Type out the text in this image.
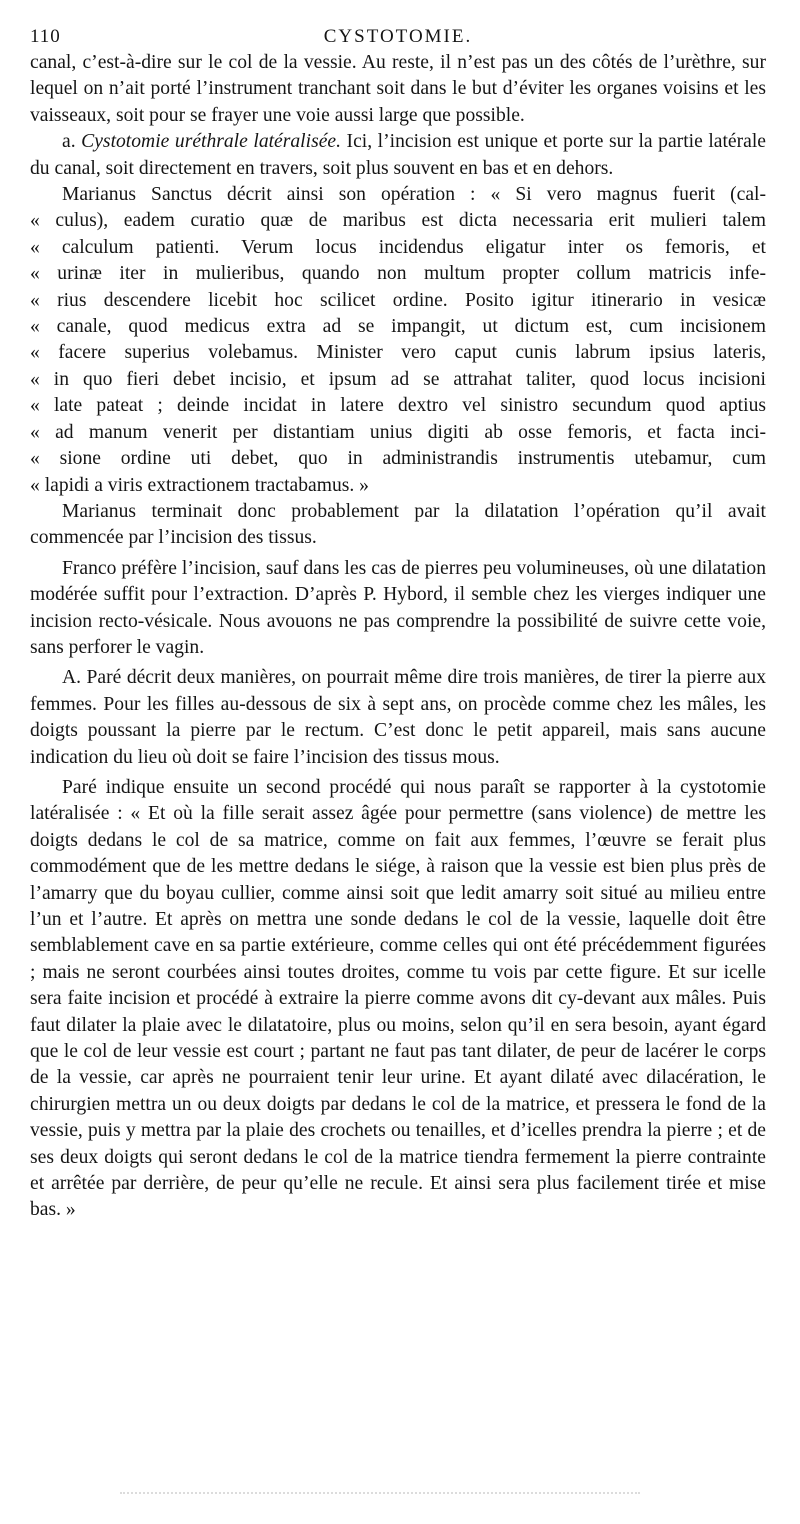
110	CYSTOTOMIE.

canal, c’est-à-dire sur le col de la vessie. Au reste, il n’est pas un des côtés de l’urèthre, sur lequel on n’ait porté l’instrument tranchant soit dans le but d’éviter les organes voisins et les vaisseaux, soit pour se frayer une voie aussi large que possible.

a. Cystotomie uréthrale latéralisée. Ici, l’incision est unique et porte sur la partie latérale du canal, soit directement en travers, soit plus souvent en bas et en dehors.

Marianus Sanctus décrit ainsi son opération : « Si vero magnus fuerit (cal-
« culus), eadem curatio quæ de maribus est dicta necessaria erit mulieri talem
« calculum patienti. Verum locus incidendus eligatur inter os femoris, et
« urinæ iter in mulieribus, quando non multum propter collum matricis infe-
« rius descendere licebit hoc scilicet ordine. Posito igitur itinerario in vesicæ
« canale, quod medicus extra ad se impangit, ut dictum est, cum incisionem
« facere superius volebamus. Minister vero caput cunis labrum ipsius lateris,
« in quo fieri debet incisio, et ipsum ad se attrahat taliter, quod locus incisioni
« late pateat ; deinde incidat in latere dextro vel sinistro secundum quod aptius
« ad manum venerit per distantiam unius digiti ab osse femoris, et facta inci-
« sione ordine uti debet, quo in administrandis instrumentis utebamur, cum
« lapidi a viris extractionem tractabamus. »

Marianus terminait donc probablement par la dilatation l’opération qu’il avait commencée par l’incision des tissus.

Franco préfère l’incision, sauf dans les cas de pierres peu volumineuses, où une dilatation modérée suffit pour l’extraction. D’après P. Hybord, il semble chez les vierges indiquer une incision recto-vésicale. Nous avouons ne pas comprendre la possibilité de suivre cette voie, sans perforer le vagin.

A. Paré décrit deux manières, on pourrait même dire trois manières, de tirer la pierre aux femmes. Pour les filles au-dessous de six à sept ans, on procède comme chez les mâles, les doigts poussant la pierre par le rectum. C’est donc le petit appareil, mais sans aucune indication du lieu où doit se faire l’incision des tissus mous.

Paré indique ensuite un second procédé qui nous paraît se rapporter à la cystotomie latéralisée : « Et où la fille serait assez âgée pour permettre (sans violence) de mettre les doigts dedans le col de sa matrice, comme on fait aux femmes, l’œuvre se ferait plus commodément que de les mettre dedans le siége, à raison que la vessie est bien plus près de l’amarry que du boyau cullier, comme ainsi soit que ledit amarry soit situé au milieu entre l’un et l’autre. Et après on mettra une sonde dedans le col de la vessie, laquelle doit être semblablement cave en sa partie extérieure, comme celles qui ont été précédemment figurées ; mais ne seront courbées ainsi toutes droites, comme tu vois par cette figure. Et sur icelle sera faite incision et procédé à extraire la pierre comme avons dit cy-devant aux mâles. Puis faut dilater la plaie avec le dilatatoire, plus ou moins, selon qu’il en sera besoin, ayant égard que le col de leur vessie est court ; partant ne faut pas tant dilater, de peur de lacérer le corps de la vessie, car après ne pourraient tenir leur urine. Et ayant dilaté avec dilacération, le chirurgien mettra un ou deux doigts par dedans le col de la matrice, et pressera le fond de la vessie, puis y mettra par la plaie des crochets ou tenailles, et d’icelles prendra la pierre ; et de ses deux doigts qui seront dedans le col de la matrice tiendra fermement la pierre contrainte et arrêtée par derrière, de peur qu’elle ne recule. Et ainsi sera plus facilement tirée et mise bas. »
